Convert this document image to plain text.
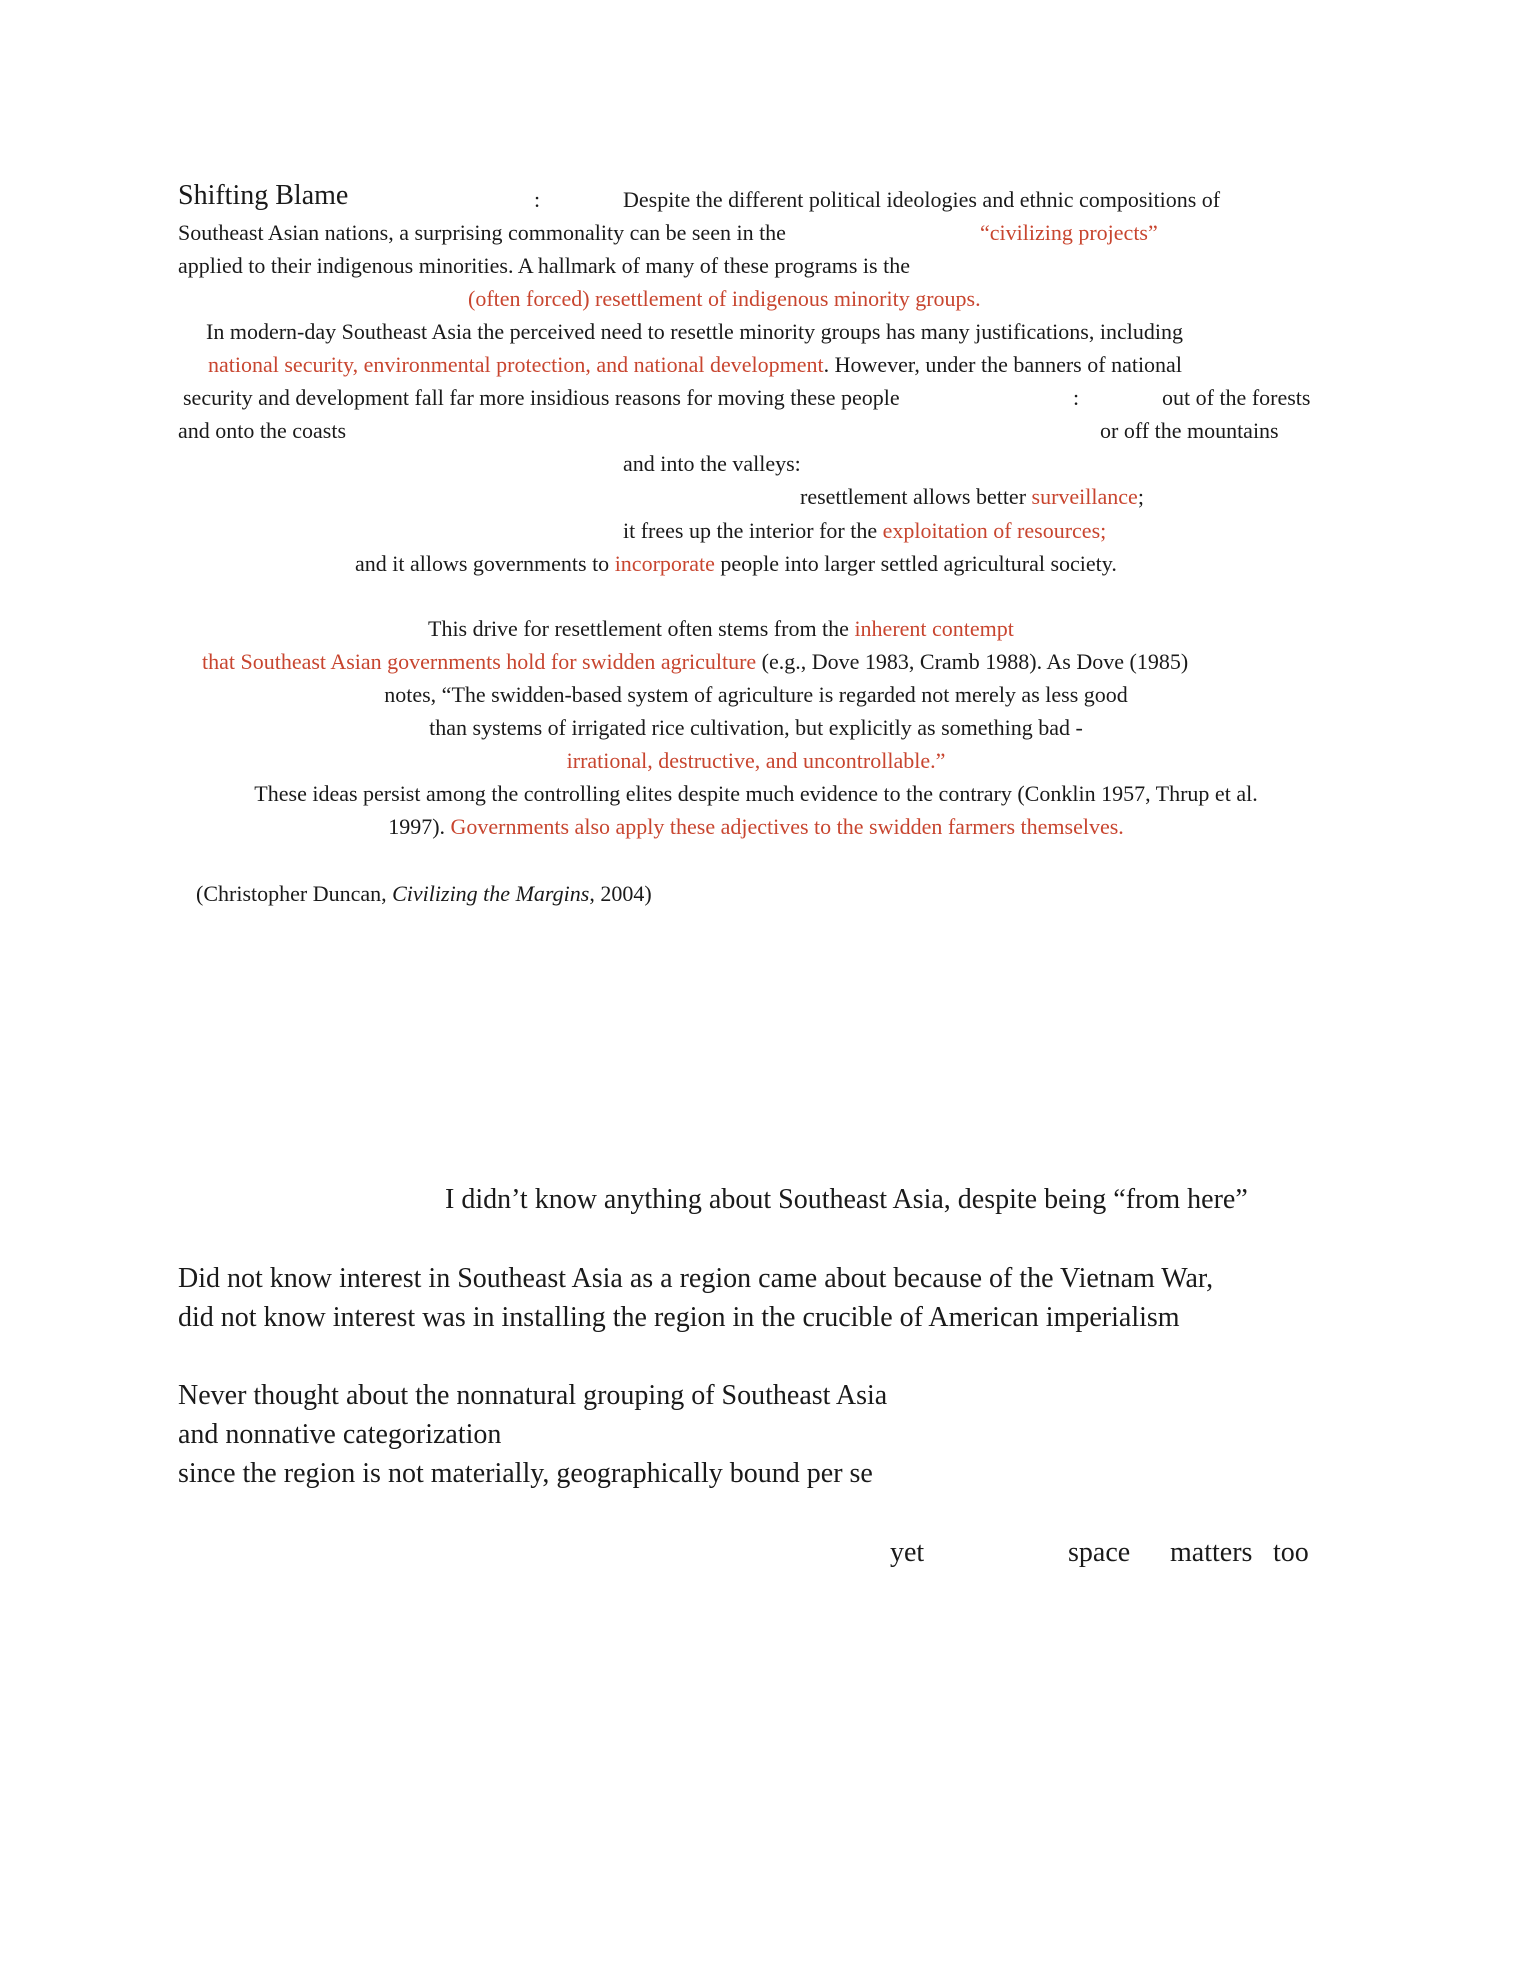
Shifting Blame	:	Despite the different political ideologies and ethnic compositions of
Southeast Asian nations, a surprising commonality can be seen in the	“civilizing projects”
applied to their indigenous minorities. A hallmark of many of these programs is the
(often forced) resettlement of indigenous minority groups.
In modern-day Southeast Asia the perceived need to resettle minority groups has many justifications, including
national security, environmental protection, and national development. However, under the banners of national
security and development fall far more insidious reasons for moving these people	:	out of the forests
and onto the coasts	or off the mountains
and into the valleys:
resettlement allows better surveillance;
it frees up the interior for the exploitation of resources;
and it allows governments to incorporate people into larger settled agricultural society.
This drive for resettlement often stems from the inherent contempt
that Southeast Asian governments hold for swidden agriculture (e.g., Dove 1983, Cramb 1988). As Dove (1985)
notes, “The swidden-based system of agriculture is regarded not merely as less good
than systems of irrigated rice cultivation, but explicitly as something bad -
irrational, destructive, and uncontrollable.”
These ideas persist among the controlling elites despite much evidence to the contrary (Conklin 1957, Thrup et al.
1997). Governments also apply these adjectives to the swidden farmers themselves.
(Christopher Duncan, Civilizing the Margins, 2004)
I didn’t know anything about Southeast Asia, despite being “from here”
Did not know interest in Southeast Asia as a region came about because of the Vietnam War,
did not know interest was in installing the region in the crucible of American imperialism
Never thought about the nonnatural grouping of Southeast Asia
and nonnative categorization
since the region is not materially, geographically bound per se
yet	space matters too
